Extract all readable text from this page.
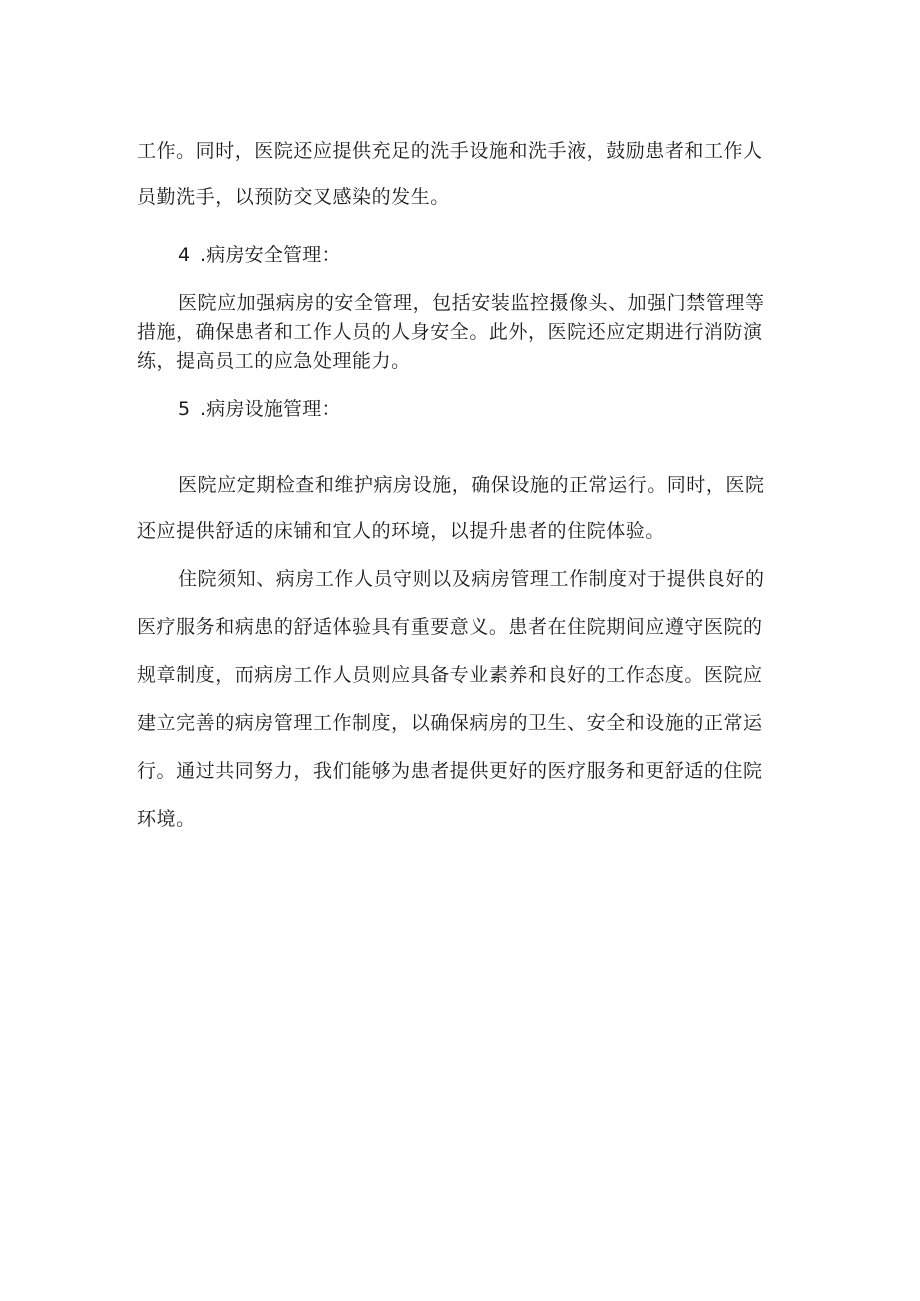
工作。同时，医院还应提供充足的洗手设施和洗手液，鼓励患者和工作人
员勤洗手，以预防交叉感染的发生。
4 .病房安全管理：
医院应加强病房的安全管理，包括安装监控摄像头、加强门禁管理等
措施，确保患者和工作人员的人身安全。此外，医院还应定期进行消防演
练，提高员工的应急处理能力。
5 .病房设施管理：
医院应定期检查和维护病房设施，确保设施的正常运行。同时，医院
还应提供舒适的床铺和宜人的环境，以提升患者的住院体验。
住院须知、病房工作人员守则以及病房管理工作制度对于提供良好的
医疗服务和病患的舒适体验具有重要意义。患者在住院期间应遵守医院的
规章制度，而病房工作人员则应具备专业素养和良好的工作态度。医院应
建立完善的病房管理工作制度，以确保病房的卫生、安全和设施的正常运
行。通过共同努力，我们能够为患者提供更好的医疗服务和更舒适的住院
环境。
